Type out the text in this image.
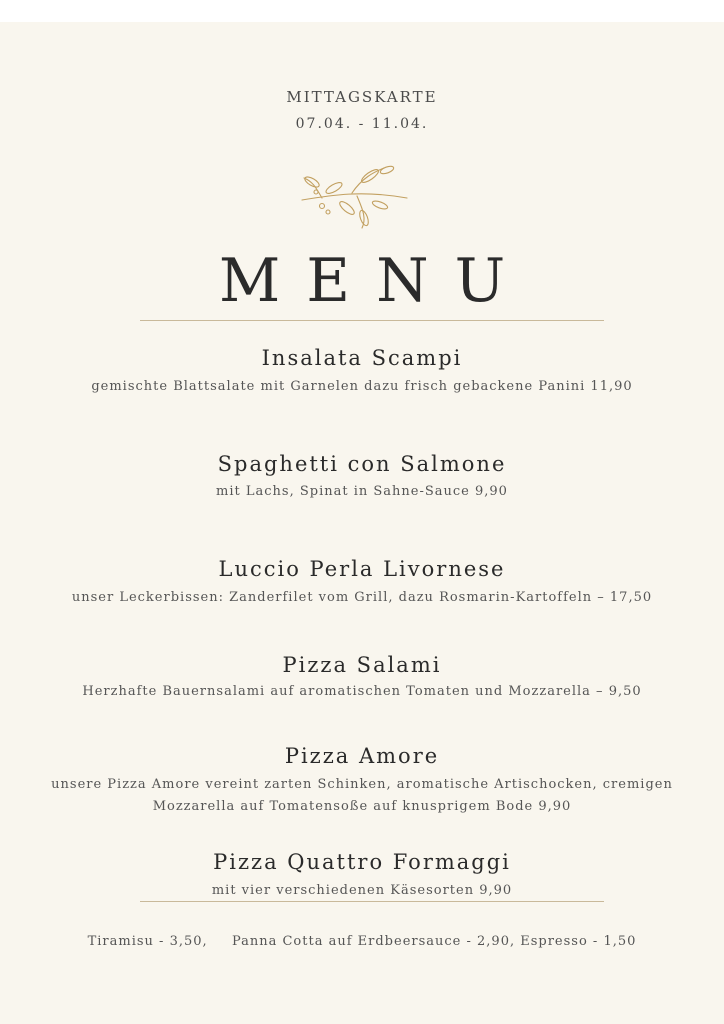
MITTAGSKARTE
07.04. - 11.04.
MENU
Insalata Scampi
gemischte Blattsalate mit Garnelen dazu frisch gebackene Panini 11,90
Spaghetti con Salmone
mit Lachs, Spinat in Sahne-Sauce 9,90
Luccio Perla Livornese
unser Leckerbissen: Zanderfilet vom Grill, dazu Rosmarin-Kartoffeln – 17,50
Pizza Salami
Herzhafte Bauernsalami auf aromatischen Tomaten und Mozzarella – 9,50
Pizza Amore
unsere Pizza Amore vereint zarten Schinken, aromatische Artischocken, cremigen
Mozzarella auf Tomatensoße auf knusprigem Bode 9,90
Pizza Quattro Formaggi
mit vier verschiedenen Käsesorten 9,90
Tiramisu - 3,50, Panna Cotta auf Erdbeersauce - 2,90, Espresso - 1,50
